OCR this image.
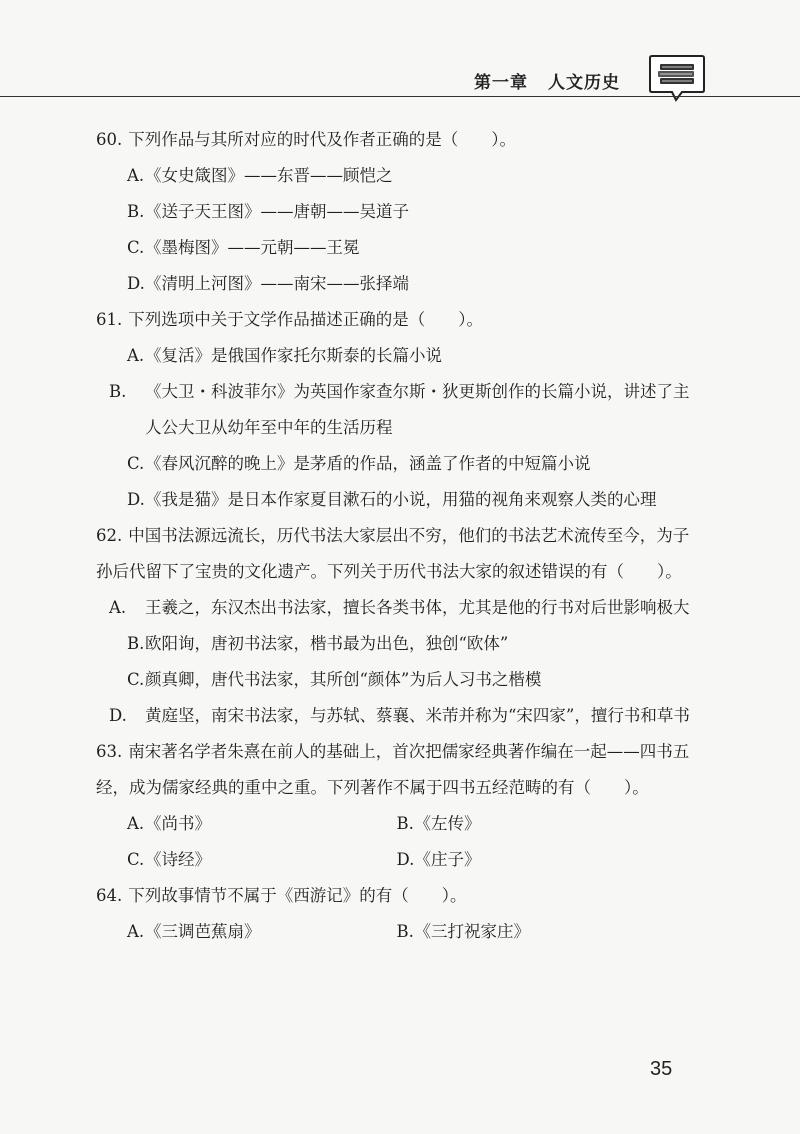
第一章 人文历史

60. 下列作品与其所对应的时代及作者正确的是（　　）。

A.《女史箴图》——东晋——顾恺之
B.《送子天王图》——唐朝——吴道子
C.《墨梅图》——元朝——王冕
D.《清明上河图》——南宋——张择端

61. 下列选项中关于文学作品描述正确的是（　　）。

A.《复活》是俄国作家托尔斯泰的长篇小说
B. 《大卫・科波菲尔》为英国作家查尔斯・狄更斯创作的长篇小说，讲述了主人公大卫从幼年至中年的生活历程
C.《春风沉醉的晚上》是茅盾的作品，涵盖了作者的中短篇小说
D.《我是猫》是日本作家夏目漱石的小说，用猫的视角来观察人类的心理

62. 中国书法源远流长，历代书法大家层出不穷，他们的书法艺术流传至今，为子孙后代留下了宝贵的文化遗产。下列关于历代书法大家的叙述错误的有（　　）。

A. 王羲之，东汉杰出书法家，擅长各类书体，尤其是他的行书对后世影响极大
B.欧阳询，唐初书法家，楷书最为出色，独创“欧体”
C.颜真卿，唐代书法家，其所创“颜体”为后人习书之楷模
D. 黄庭坚，南宋书法家，与苏轼、蔡襄、米芾并称为“宋四家”，擅行书和草书

63. 南宋著名学者朱熹在前人的基础上，首次把儒家经典著作编在一起——四书五经，成为儒家经典的重中之重。下列著作不属于四书五经范畴的有（　　）。

A.《尚书》	B.《左传》
C.《诗经》	D.《庄子》

64. 下列故事情节不属于《西游记》的有（　　）。

A.《三调芭蕉扇》	B.《三打祝家庄》
35
